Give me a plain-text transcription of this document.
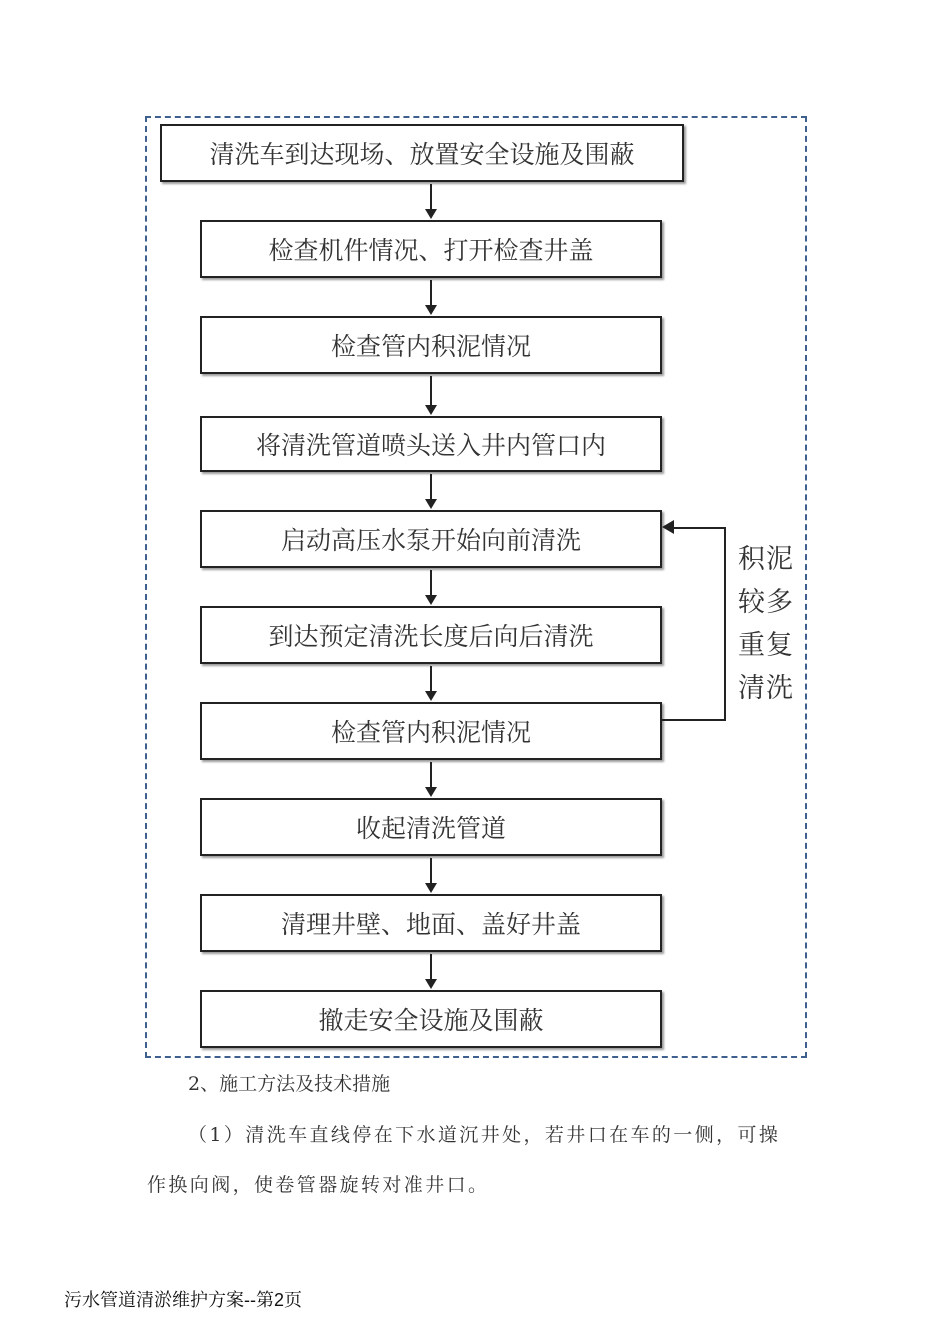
清洗车到达现场、放置安全设施及围蔽
检查机件情况、打开检查井盖
检查管内积泥情况
将清洗管道喷头送入井内管口内
启动高压水泵开始向前清洗
到达预定清洗长度后向后清洗
检查管内积泥情况
收起清洗管道
清理井壁、地面、盖好井盖
撤走安全设施及围蔽
积泥较多重复清洗
2、施工方法及技术措施
（1）清洗车直线停在下水道沉井处，若井口在车的一侧，可操
作换向阀，使卷管器旋转对准井口。
污水管道清淤维护方案--第2页
